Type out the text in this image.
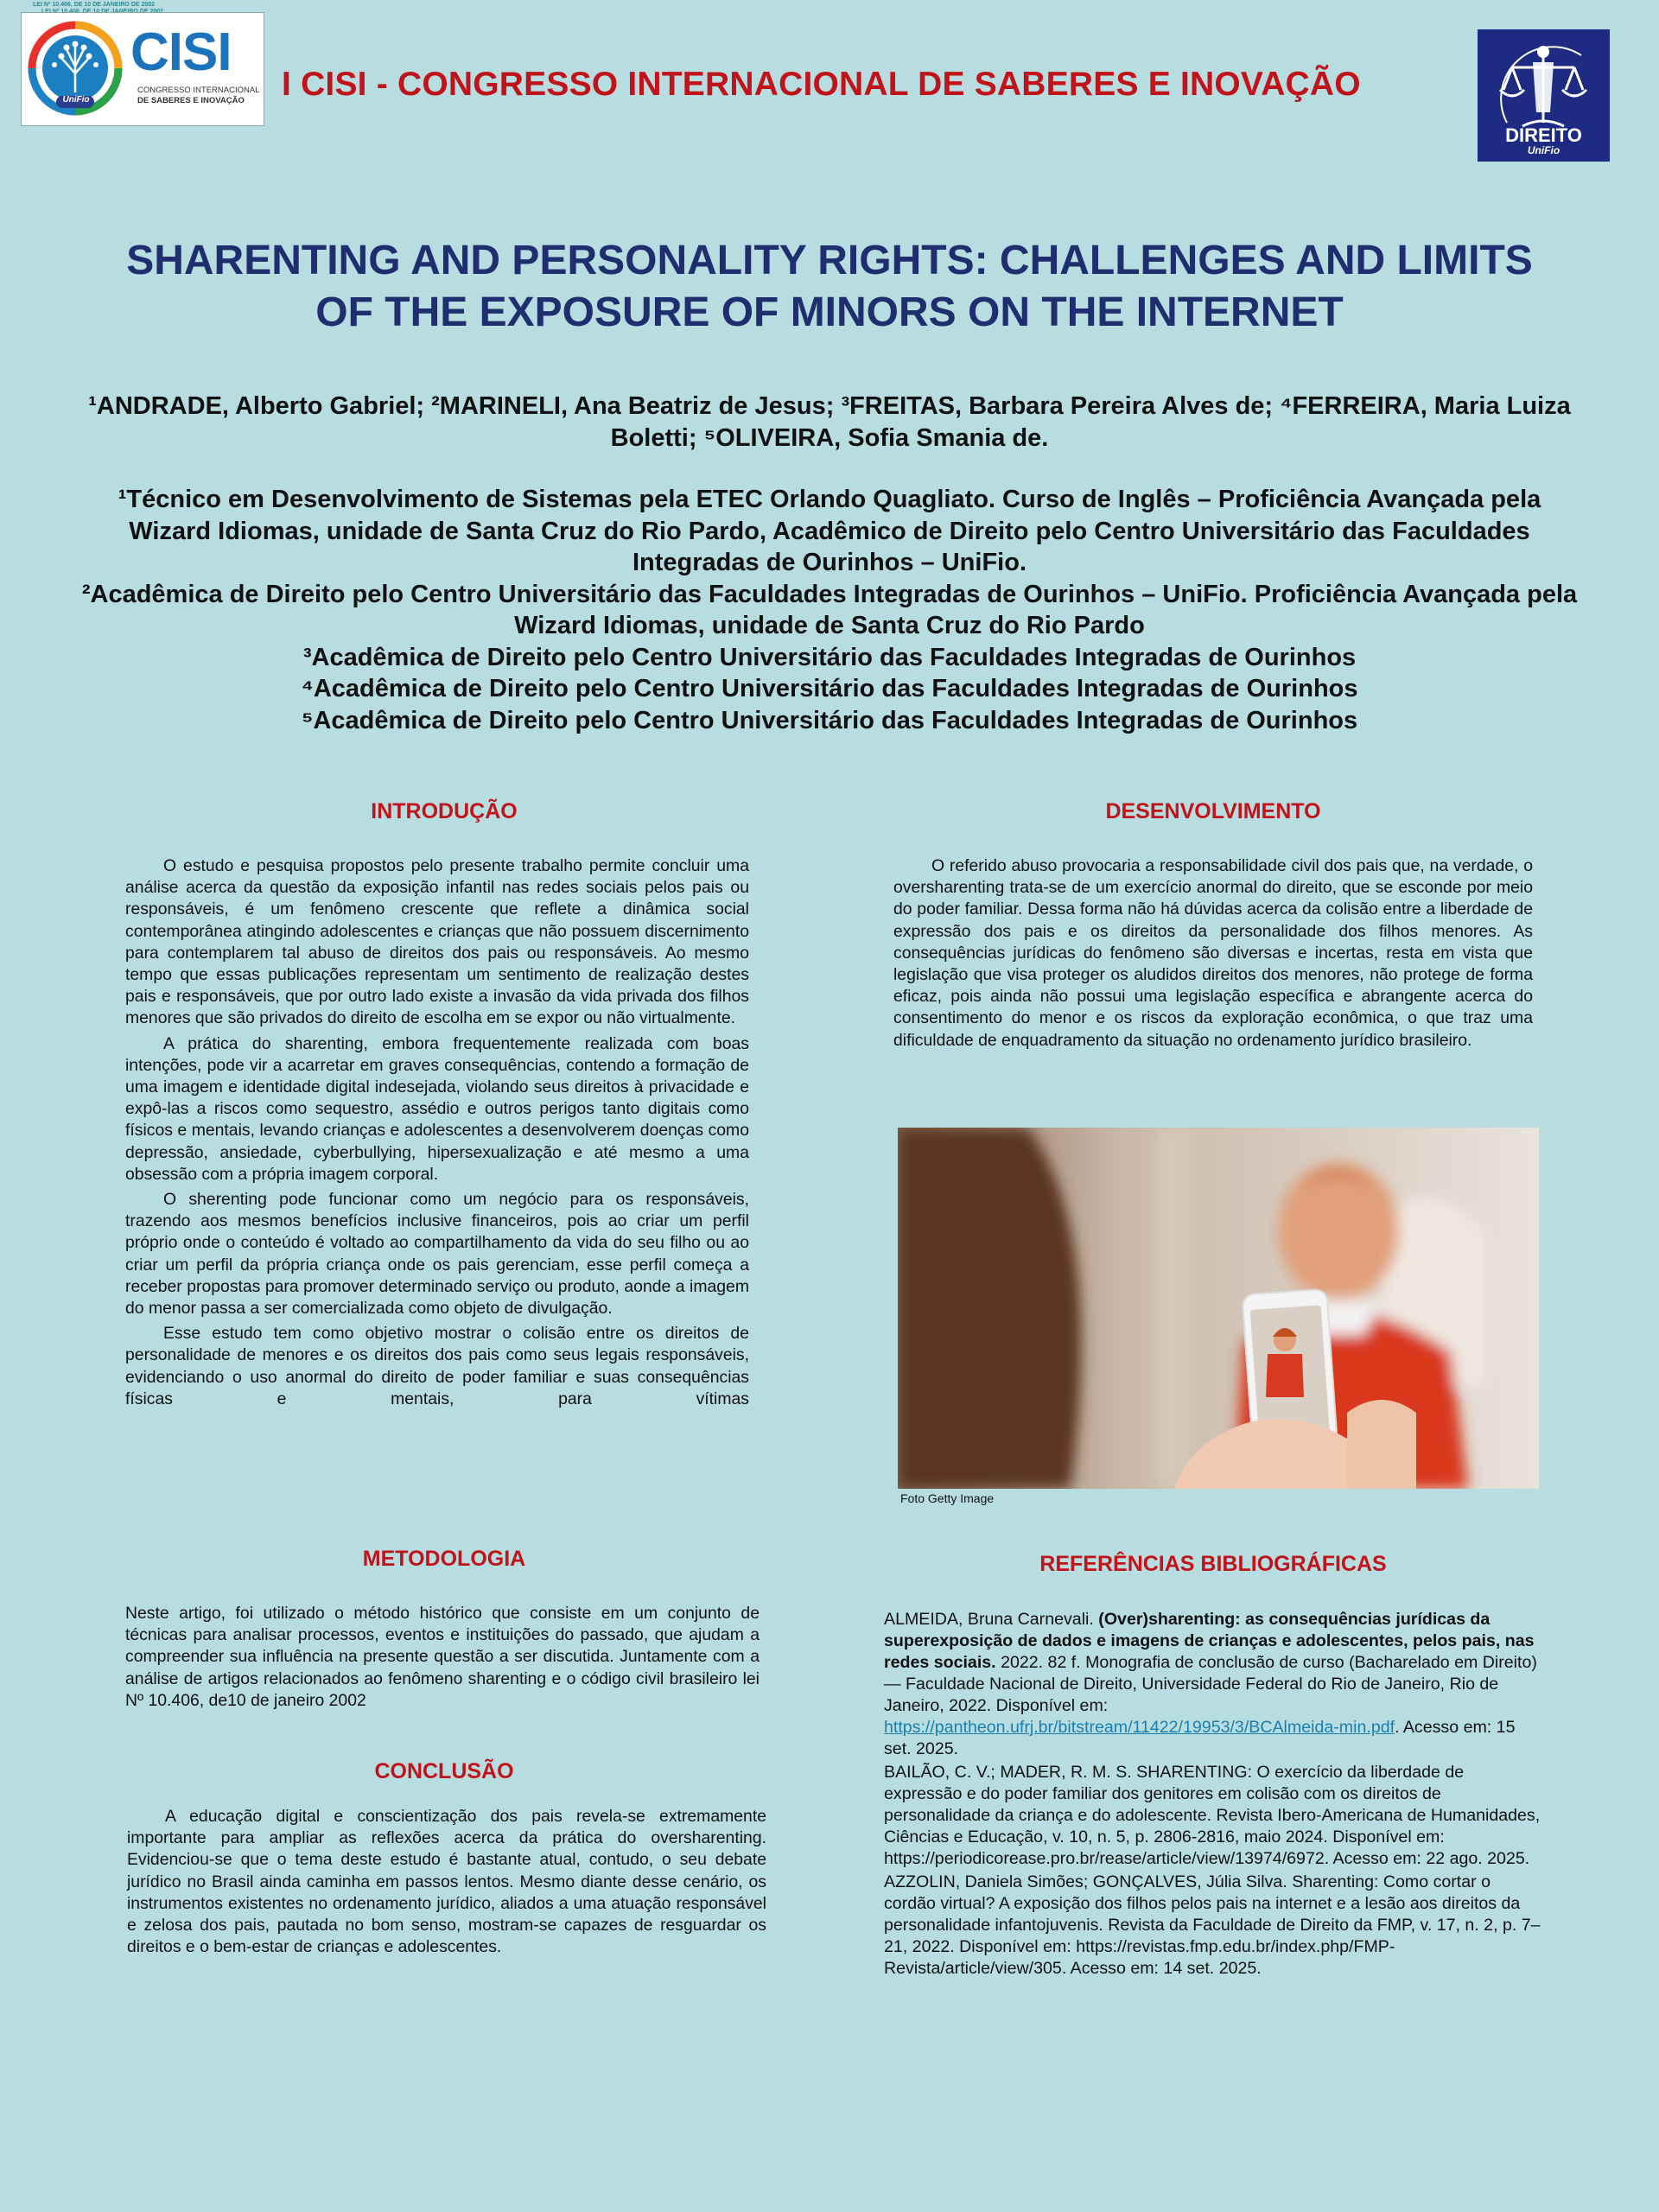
LEI Nº 10.406, DE 10 DE JANEIRO DE 2002
UniFio
CISI
CONGRESSO INTERNACIONAL
DE SABERES E INOVAÇÃO I CISI - CONGRESSO INTERNACIONAL DE SABERES E INOVAÇÃO
DIREITO
UniFio
SHARENTING AND PERSONALITY RIGHTS: CHALLENGES AND LIMITS
OF THE EXPOSURE OF MINORS ON THE INTERNET
¹ANDRADE, Alberto Gabriel; ²MARINELI, Ana Beatriz de Jesus; ³FREITAS, Barbara Pereira Alves de; ⁴FERREIRA, Maria Luiza Boletti; ⁵OLIVEIRA, Sofia Smania de.
¹Técnico em Desenvolvimento de Sistemas pela ETEC Orlando Quagliato. Curso de Inglês – Proficiência Avançada pela Wizard Idiomas, unidade de Santa Cruz do Rio Pardo, Acadêmico de Direito pelo Centro Universitário das Faculdades Integradas de Ourinhos – UniFio.
²Acadêmica de Direito pelo Centro Universitário das Faculdades Integradas de Ourinhos – UniFio. Proficiência Avançada pela Wizard Idiomas, unidade de Santa Cruz do Rio Pardo
³Acadêmica de Direito pelo Centro Universitário das Faculdades Integradas de Ourinhos
⁴Acadêmica de Direito pelo Centro Universitário das Faculdades Integradas de Ourinhos
⁵Acadêmica de Direito pelo Centro Universitário das Faculdades Integradas de Ourinhos
INTRODUÇÃO

O estudo e pesquisa propostos pelo presente trabalho permite concluir uma análise acerca da questão da exposição infantil nas redes sociais pelos pais ou responsáveis, é um fenômeno crescente que reflete a dinâmica social contemporânea atingindo adolescentes e crianças que não possuem discernimento para contemplarem tal abuso de direitos dos pais ou responsáveis. Ao mesmo tempo que essas publicações representam um sentimento de realização destes pais e responsáveis, que por outro lado existe a invasão da vida privada dos filhos menores que são privados do direito de escolha em se expor ou não virtualmente.

A prática do sharenting, embora frequentemente realizada com boas intenções, pode vir a acarretar em graves consequências, contendo a formação de uma imagem e identidade digital indesejada, violando seus direitos à privacidade e expô-las a riscos como sequestro, assédio e outros perigos tanto digitais como físicos e mentais, levando crianças e adolescentes a desenvolverem doenças como depressão, ansiedade, cyberbullying, hipersexualização e até mesmo a uma obsessão com a própria imagem corporal.

O sherenting pode funcionar como um negócio para os responsáveis, trazendo aos mesmos benefícios inclusive financeiros, pois ao criar um perfil próprio onde o conteúdo é voltado ao compartilhamento da vida do seu filho ou ao criar um perfil da própria criança onde os pais gerenciam, esse perfil começa a receber propostas para promover determinado serviço ou produto, aonde a imagem do menor passa a ser comercializada como objeto de divulgação.

Esse estudo tem como objetivo mostrar o colisão entre os direitos de personalidade de menores e os direitos dos pais como seus legais responsáveis, evidenciando o uso anormal do direito de poder familiar e suas consequências físicas e mentais, para vítimas

DESENVOLVIMENTO

O referido abuso provocaria a responsabilidade civil dos pais que, na verdade, o oversharenting trata-se de um exercício anormal do direito, que se esconde por meio do poder familiar. Dessa forma não há dúvidas acerca da colisão entre a liberdade de expressão dos pais e os direitos da personalidade dos filhos menores. As consequências jurídicas do fenômeno são diversas e incertas, resta em vista que legislação que visa proteger os aludidos direitos dos menores, não protege de forma eficaz, pois ainda não possui uma legislação específica e abrangente acerca do consentimento do menor e os riscos da exploração econômica, o que traz uma dificuldade de enquadramento da situação no ordenamento jurídico brasileiro.

Foto Getty Image
METODOLOGIA

Neste artigo, foi utilizado o método histórico que consiste em um conjunto de técnicas para analisar processos, eventos e instituições do passado, que ajudam a compreender sua influência na presente questão a ser discutida. Juntamente com a análise de artigos relacionados ao fenômeno sharenting e o código civil brasileiro lei Nº 10.406, de10 de janeiro 2002

CONCLUSÃO

A educação digital e conscientização dos pais revela-se extremamente importante para ampliar as reflexões acerca da prática do oversharenting. Evidenciou-se que o tema deste estudo é bastante atual, contudo, o seu debate jurídico no Brasil ainda caminha em passos lentos. Mesmo diante desse cenário, os instrumentos existentes no ordenamento jurídico, aliados a uma atuação responsável e zelosa dos pais, pautada no bom senso, mostram-se capazes de resguardar os direitos e o bem-estar de crianças e adolescentes.

REFERÊNCIAS BIBLIOGRÁFICAS

ALMEIDA, Bruna Carnevali. (Over)sharenting: as consequências jurídicas da superexposição de dados e imagens de crianças e adolescentes, pelos pais, nas redes sociais. 2022. 82 f. Monografia de conclusão de curso (Bacharelado em Direito) — Faculdade Nacional de Direito, Universidade Federal do Rio de Janeiro, Rio de Janeiro, 2022. Disponível em: https://pantheon.ufrj.br/bitstream/11422/19953/3/BCAlmeida-min.pdf. Acesso em: 15 set. 2025.

BAILÃO, C. V.; MADER, R. M. S. SHARENTING: O exercício da liberdade de expressão e do poder familiar dos genitores em colisão com os direitos de personalidade da criança e do adolescente. Revista Ibero-Americana de Humanidades, Ciências e Educação, v. 10, n. 5, p. 2806-2816, maio 2024. Disponível em: https://periodicorease.pro.br/rease/article/view/13974/6972. Acesso em: 22 ago. 2025.

AZZOLIN, Daniela Simões; GONÇALVES, Júlia Silva. Sharenting: Como cortar o cordão virtual? A exposição dos filhos pelos pais na internet e a lesão aos direitos da personalidade infantojuvenis. Revista da Faculdade de Direito da FMP, v. 17, n. 2, p. 7–21, 2022. Disponível em: https://revistas.fmp.edu.br/index.php/FMP-Revista/article/view/305. Acesso em: 14 set. 2025.
